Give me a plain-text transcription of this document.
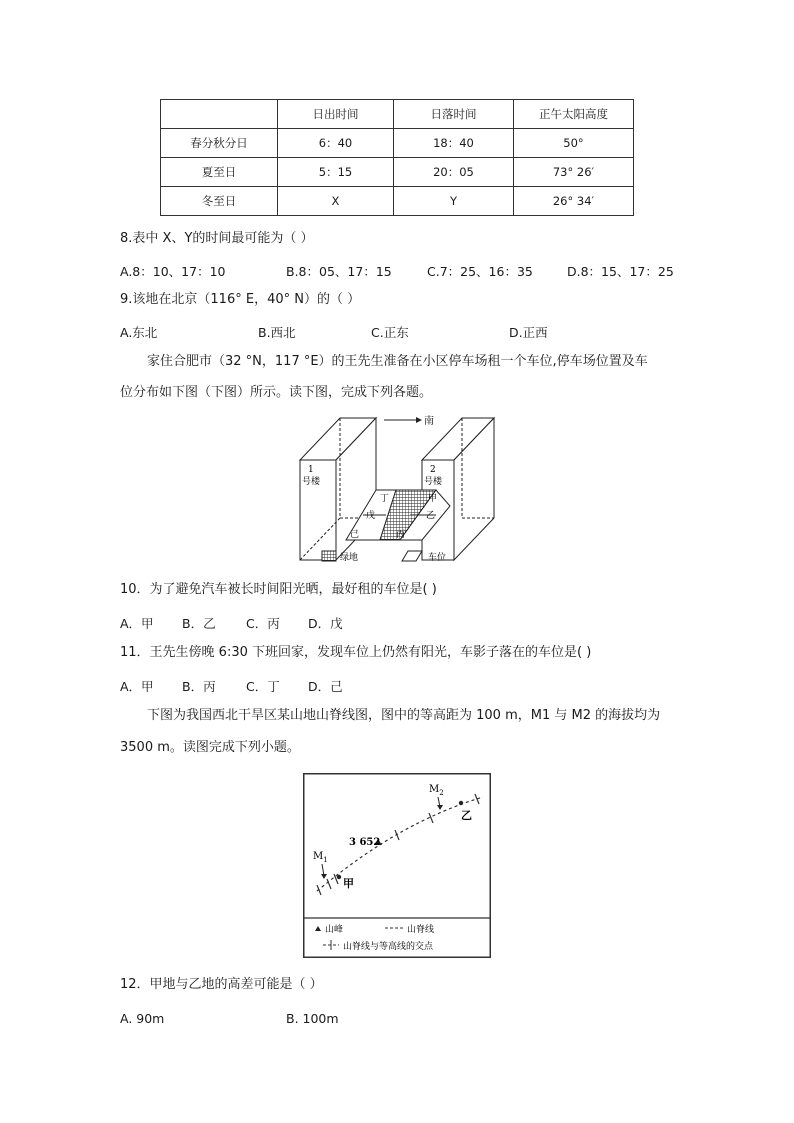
	日出时间	日落时间	正午太阳高度
春分秋分日	6：40	18：40	50°
夏至日	5：15	20：05	73° 26′
冬至日	X	Y	26° 34′
8.表中 X、Y的时间最可能为（ ）
A.8：10、17：10	B.8：05、17：15	C.7：25、16：35	D.8：15、17：25
9.该地在北京（116° E，40° N）的（ ）
A.东北	B.西北	C.正东	D.正西
家住合肥市（32 °N，117 °E）的王先生准备在小区停车场租一个车位,停车场位置及车
位分布如下图（下图）所示。读下图，完成下列各题。
南
1
号楼
2
号楼
丁
戊
甲
乙
己	丙
绿地	车位
10．为了避免汽车被长时间阳光晒，最好租的车位是( )
A．甲 B．乙 C．丙 D．戊
11．王先生傍晚 6:30 下班回家，发现车位上仍然有阳光，车影子落在的车位是( )
A．甲 B．丙 C．丁 D．己
下图为我国西北干旱区某山地山脊线图，图中的等高距为 100 m，M1 与 M2 的海拔均为
3500 m。读图完成下列小题。
3 652
甲
乙
$M_1$
$M_2$
山峰	山脊线
山脊线与等高线的交点
12．甲地与乙地的高差可能是（ ）
A. 90m	B. 100m
